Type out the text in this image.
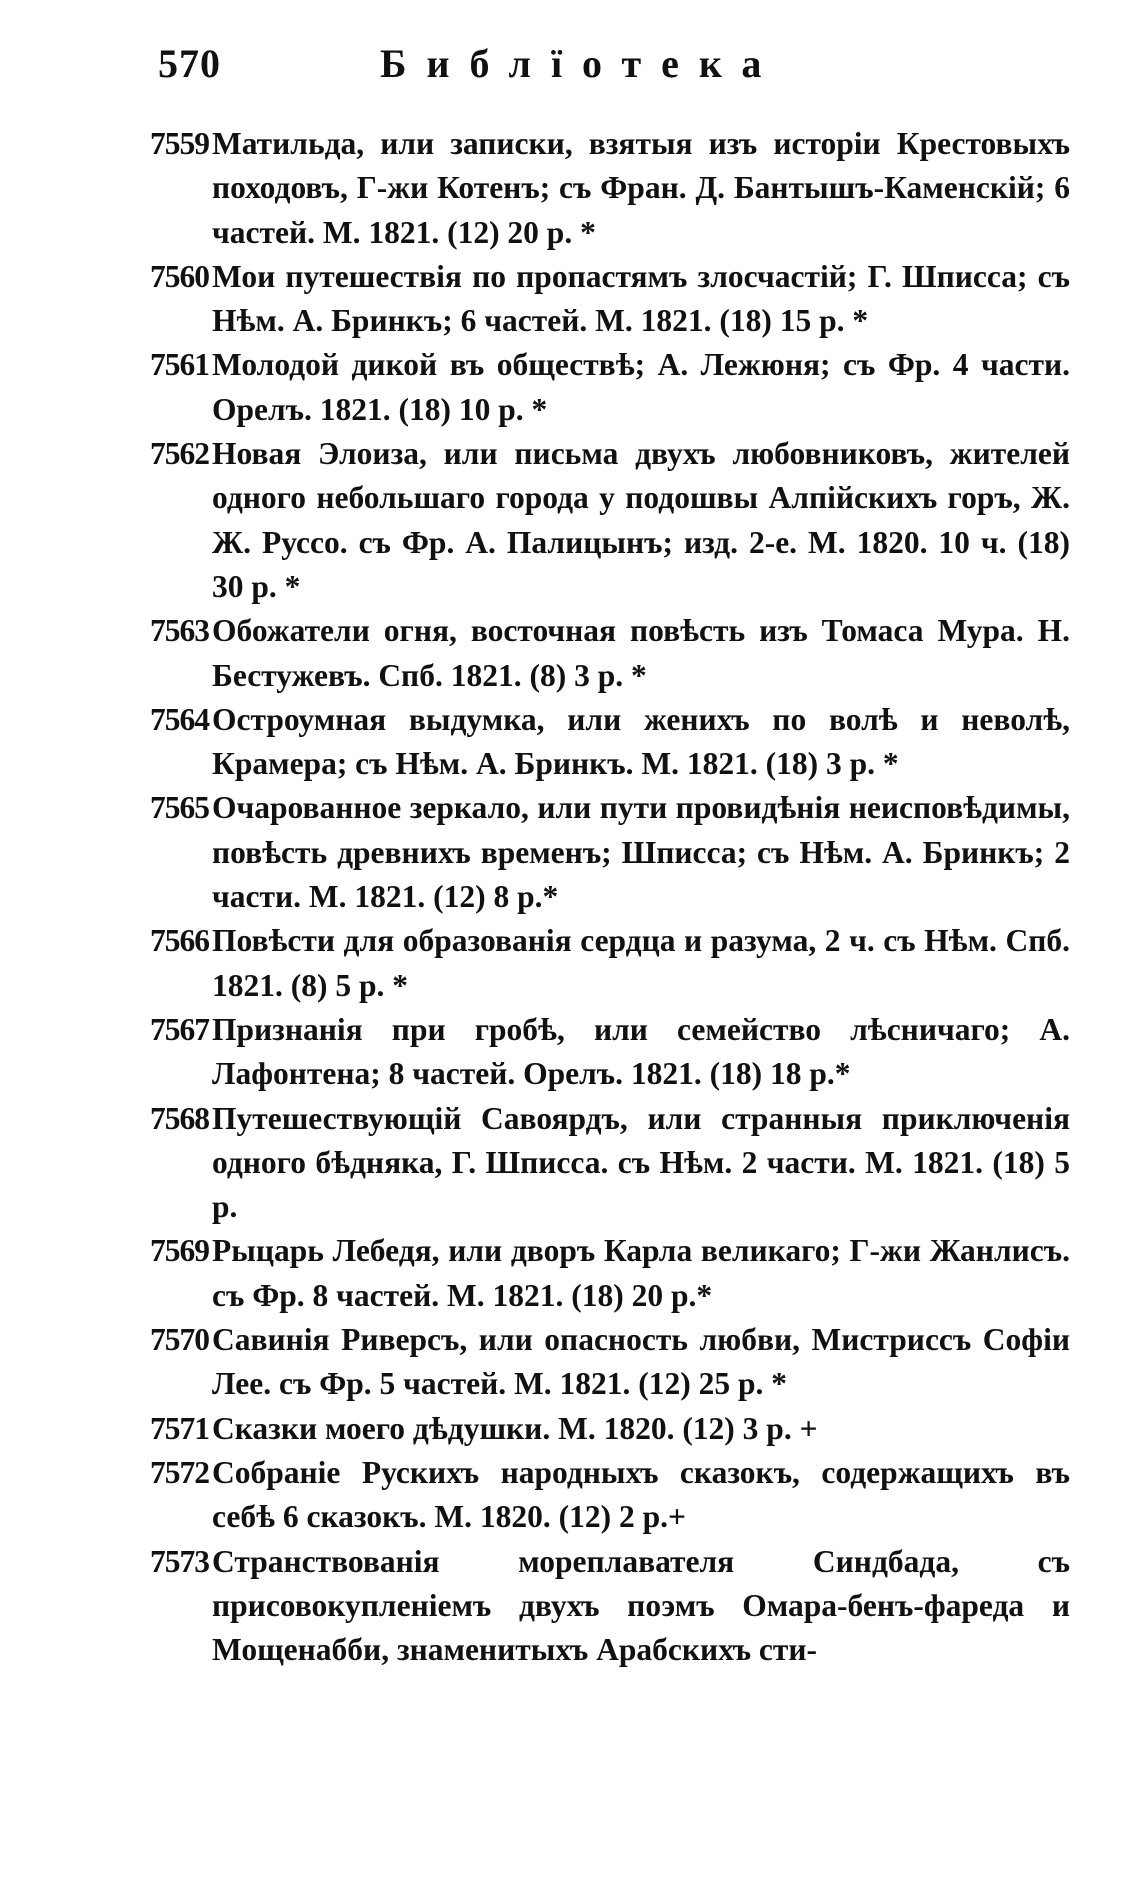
570	Библїотека
7559 Матильда, или записки, взятыя изъ исторiи Крестовыхъ походовъ, Г-жи Котенъ; съ Фран. Д. Бантышъ-Каменскiй; 6 частей. М. 1821. (12) 20 р. *
7560 Мои путешествiя по пропастямъ злосчастiй; Г. Шписса; съ Нѣм. А. Бринкъ; 6 частей. М. 1821. (18) 15 р. *
7561 Молодой дикой въ обществѣ; А. Лежюня; съ Фр. 4 части. Орелъ. 1821. (18) 10 р. *
7562 Новая Элоиза, или письма двухъ любовниковъ, жителей одного небольшаго города у подошвы Алпiйскихъ горъ, Ж. Ж. Руссо. съ Фр. А. Палицынъ; изд. 2-е. М. 1820. 10 ч. (18) 30 р. *
7563 Обожатели огня, восточная повѣсть изъ Томаса Мура. Н. Бестужевъ. Спб. 1821. (8) 3 р. *
7564 Остроумная выдумка, или женихъ по волѣ и неволѣ, Крамера; съ Нѣм. А. Бринкъ. М. 1821. (18) 3 р. *
7565 Очарованное зеркало, или пути провидѣнiя неисповѣдимы, повѣсть древнихъ временъ; Шписса; съ Нѣм. А. Бринкъ; 2 части. М. 1821. (12) 8 р.*
7566 Повѣсти для образованiя сердца и разума, 2 ч. съ Нѣм. Спб. 1821. (8) 5 р. *
7567 Признанiя при гробѣ, или семейство лѣсничаго; А. Лафонтена; 8 частей. Орелъ. 1821. (18) 18 р.*
7568 Путешествующiй Савоярдъ, или странныя приключенiя одного бѣдняка, Г. Шписса. съ Нѣм. 2 части. М. 1821. (18) 5 р.
7569 Рыцарь Лебедя, или дворъ Карла великаго; Г-жи Жанлисъ. съ Фр. 8 частей. М. 1821. (18) 20 р.*
7570 Савинiя Риверсъ, или опасность любви, Мистриссъ Софiи Лее. съ Фр. 5 частей. М. 1821. (12) 25 р. *
7571 Сказки моего дѣдушки. М. 1820. (12) 3 р. +
7572 Собранiе Рускихъ народныхъ сказокъ, содержащихъ въ себѣ 6 сказокъ. М. 1820. (12) 2 р.+
7573 Странствованiя мореплавателя Синдбада, съ присовокупленiемъ двухъ поэмъ Омара-бенъ-фареда и Мощенабби, знаменитыхъ Арабскихъ сти-
